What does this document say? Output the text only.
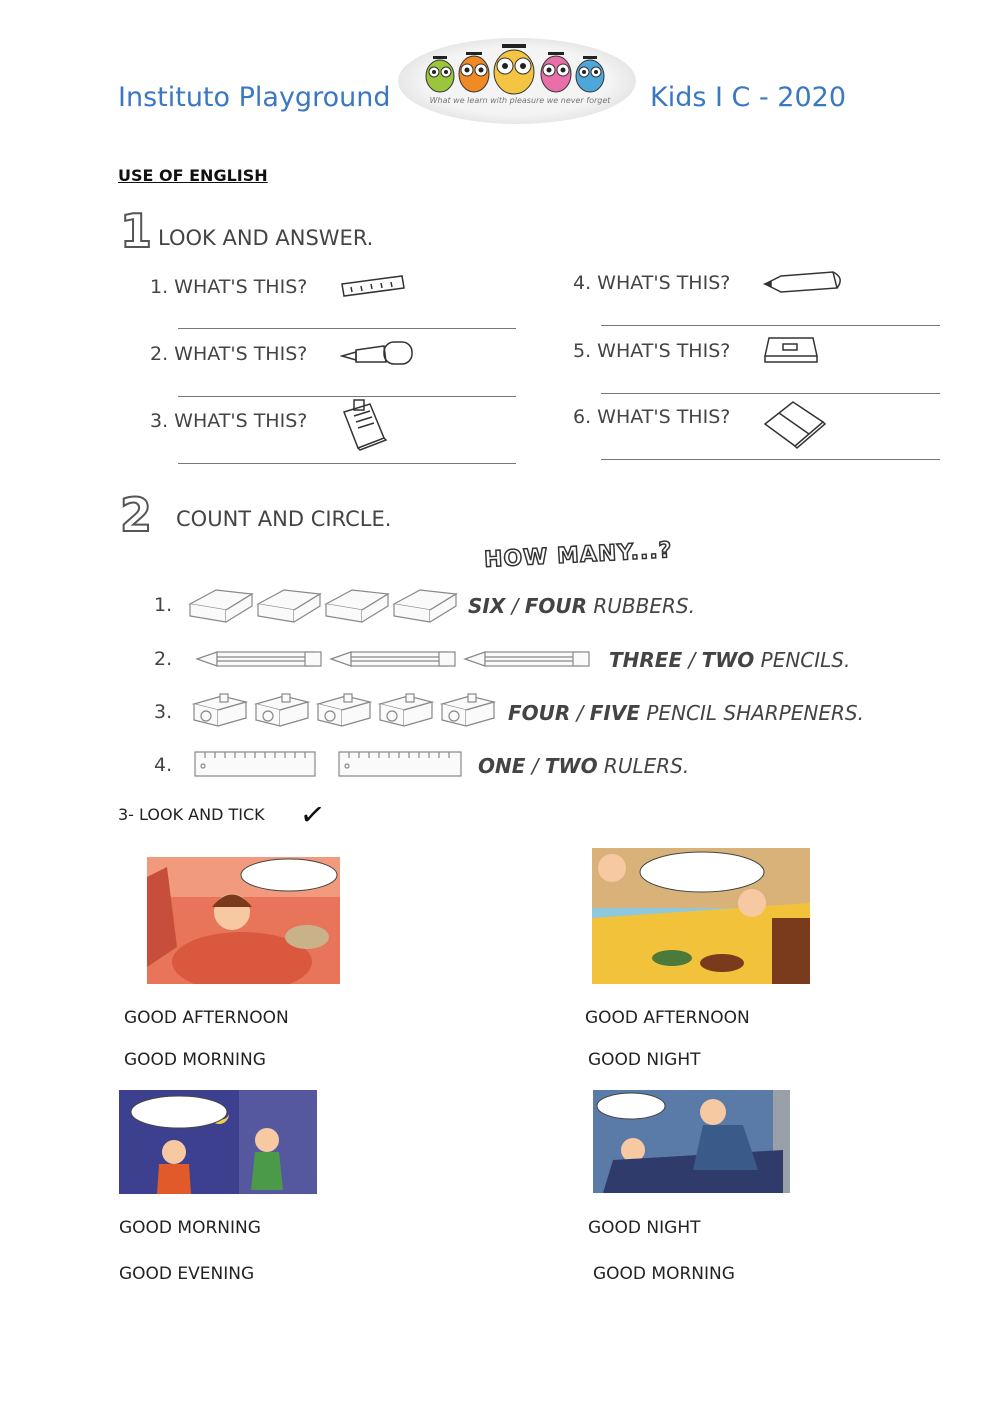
Instituto Playground	What we learn with pleasure we never forget	Kids I C - 2020
USE OF ENGLISH
1 LOOK AND ANSWER.
1. WHAT'S THIS?
2. WHAT'S THIS?
3. WHAT'S THIS?
4. WHAT'S THIS?
5. WHAT'S THIS?
6. WHAT'S THIS?
2 COUNT AND CIRCLE.
HOW MANY...?
1.	SIX / FOUR RUBBERS.
2.	THREE / TWO PENCILS.
3.	FOUR / FIVE PENCIL SHARPENERS.
4.	ONE / TWO RULERS.
3- LOOK AND TICK ✓
GOOD AFTERNOON
GOOD MORNING
GOOD AFTERNOON
GOOD NIGHT
GOOD MORNING
GOOD EVENING
GOOD NIGHT
GOOD MORNING
